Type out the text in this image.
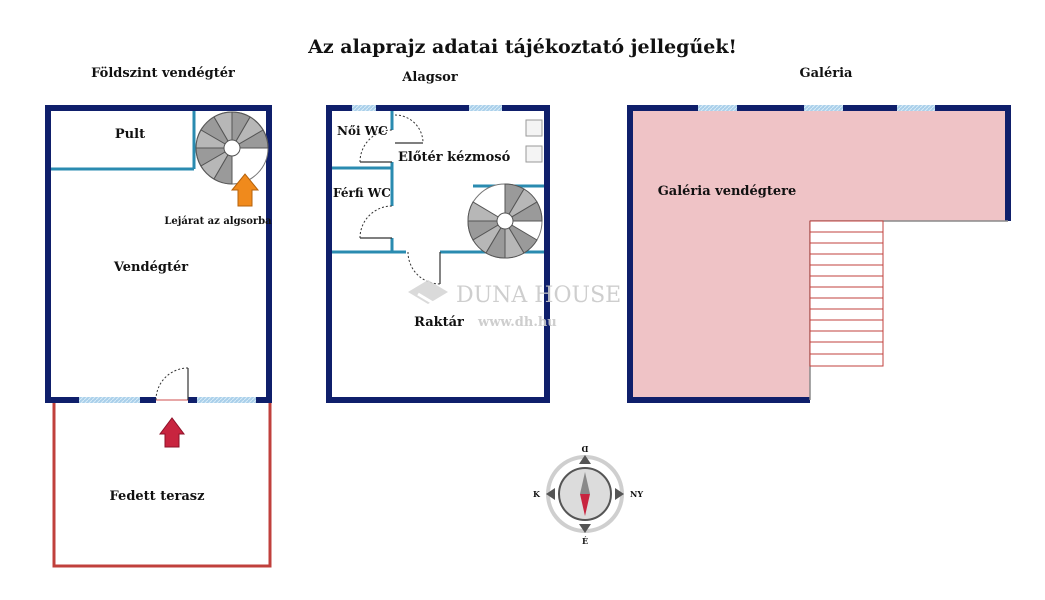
Az alaprajz adatai tájékoztató jellegűek!
Földszint vendégtér
Lejárat az algsorba
Pult
Vendégtér
Fedett terasz
Alagsor
Női WC
Férfi WC
Előtér kézmosó
Raktár
DUNA HOUSE
www.dh.hu
Galéria
Galéria vendégtere
D
NY
É
K
